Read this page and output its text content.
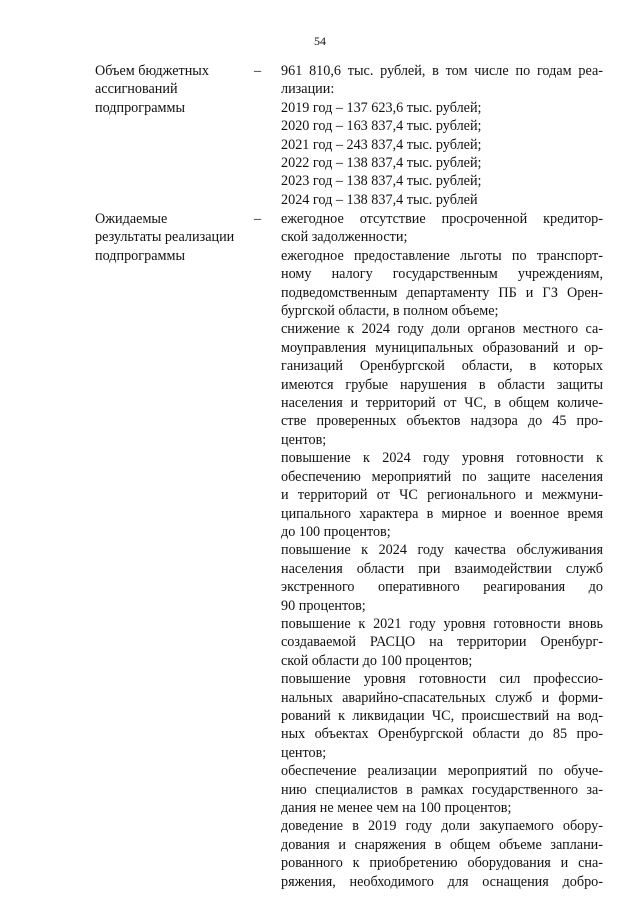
54
Объем бюджетных
ассигнований
подпрограммы
– 961 810,6 тыс. рублей, в том числе по годам реа-
лизации:
2019 год – 137 623,6 тыс. рублей;
2020 год – 163 837,4 тыс. рублей;
2021 год – 243 837,4 тыс. рублей;
2022 год – 138 837,4 тыс. рублей;
2023 год – 138 837,4 тыс. рублей;
2024 год – 138 837,4 тыс. рублей
Ожидаемые
результаты реализации
подпрограммы
– ежегодное отсутствие просроченной кредитор-
ской задолженности;
ежегодное предоставление льготы по транспорт-
ному налогу государственным учреждениям,
подведомственным департаменту ПБ и ГЗ Орен-
бургской области, в полном объеме;
снижение к 2024 году доли органов местного са-
моуправления муниципальных образований и ор-
ганизаций Оренбургской области, в которых
имеются грубые нарушения в области защиты
населения и территорий от ЧС, в общем количе-
стве проверенных объектов надзора до 45 про-
центов;
повышение к 2024 году уровня готовности к
обеспечению мероприятий по защите населения
и территорий от ЧС регионального и межмуни-
ципального характера в мирное и военное время
до 100 процентов;
повышение к 2024 году качества обслуживания
населения области при взаимодействии служб
экстренного оперативного реагирования до
90 процентов;
повышение к 2021 году уровня готовности вновь
создаваемой РАСЦО на территории Оренбург-
ской области до 100 процентов;
повышение уровня готовности сил профессио-
нальных аварийно-спасательных служб и форми-
рований к ликвидации ЧС, происшествий на вод-
ных объектах Оренбургской области до 85 про-
центов;
обеспечение реализации мероприятий по обуче-
нию специалистов в рамках государственного за-
дания не менее чем на 100 процентов;
доведение в 2019 году доли закупаемого обору-
дования и снаряжения в общем объеме заплани-
рованного к приобретению оборудования и сна-
ряжения, необходимого для оснащения добро-
